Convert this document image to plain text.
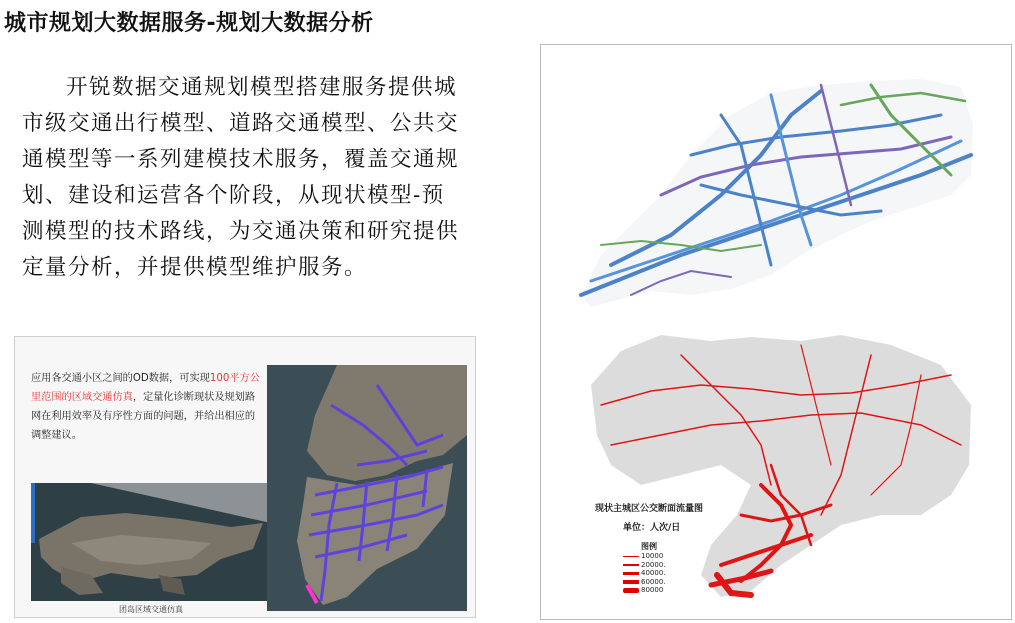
城市规划大数据服务-规划大数据分析
开锐数据交通规划模型搭建服务提供城
市级交通出行模型、道路交通模型、公共交
通模型等一系列建模技术服务，覆盖交通规
划、建设和运营各个阶段，从现状模型-预
测模型的技术路线，为交通决策和研究提供
定量分析，并提供模型维护服务。
应用各交通小区之间的OD数据，可实现100平方公里范围的区域交通仿真，定量化诊断现状及规划路网在利用效率及有序性方面的问题，并给出相应的调整建议。
团岛区域交通仿真
现状主城区公交断面流量图
单位：人次/日
图例
10000
20000.
40000.
60000.
80000
